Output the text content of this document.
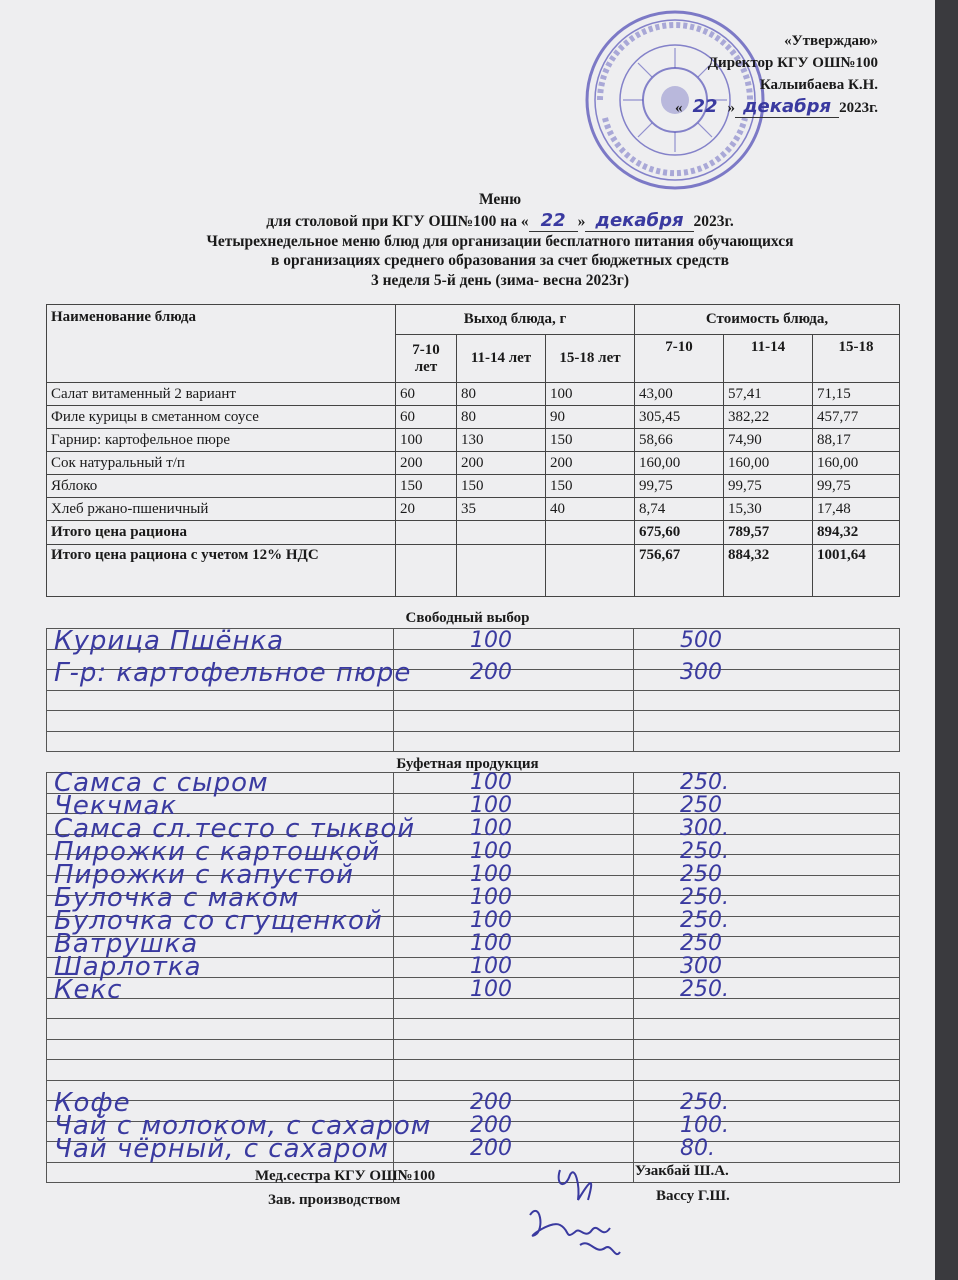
«Утверждаю»
Директор КГУ ОШ№100
Калыибаева К.Н.
« 22 » декабря 2023г.
Меню
для столовой при КГУ ОШ№100 на « 22 » декабря 2023г.
Четырехнедельное меню блюд для организации бесплатного питания обучающихся
в организациях среднего образования за счет бюджетных средств
3 неделя 5-й день (зима- весна 2023г)
Наименование блюда	Выход блюда, г			Стоимость блюда,		
	7-10 лет	11-14 лет	15-18 лет	7-10	11-14	15-18
Салат витаменный 2 вариант	60	80	100	43,00	57,41	71,15
Филе курицы в сметанном соусе	60	80	90	305,45	382,22	457,77
Гарнир: картофельное пюре	100	130	150	58,66	74,90	88,17
Сок натуральный т/п	200	200	200	160,00	160,00	160,00
Яблоко	150	150	150	99,75	99,75	99,75
Хлеб ржано-пшеничный	20	35	40	8,74	15,30	17,48
Итого цена рациона				675,60	789,57	894,32
Итого цена рациона с учетом 12% НДС				756,67	884,32	1001,64
Свободный выбор

Курица Пшёнка	100	500
Г-р: картофельное пюре	200	300
Буфетная продукция

Самса с сыром	100	250.
Чекчмак	100	250
Самса сл.тесто с тыквой 100	300.
Пирожки с картошкой	100	250.
Пирожки с капустой	100	250
Булочка с маком	100	250.
Булочка со сгущенкой	100	250.
Ватрушка	100	250
Шарлотка	100	300
Кекс	100	250.
Кофе	200	250.
Чай с молоком, с сахаром 200	100.
Чай чёрный, с сахаром	200	80.
Мед.сестра КГУ ОШ№100
Зав. производством
Узакбай Ш.А.
Вассу Г.Ш.
